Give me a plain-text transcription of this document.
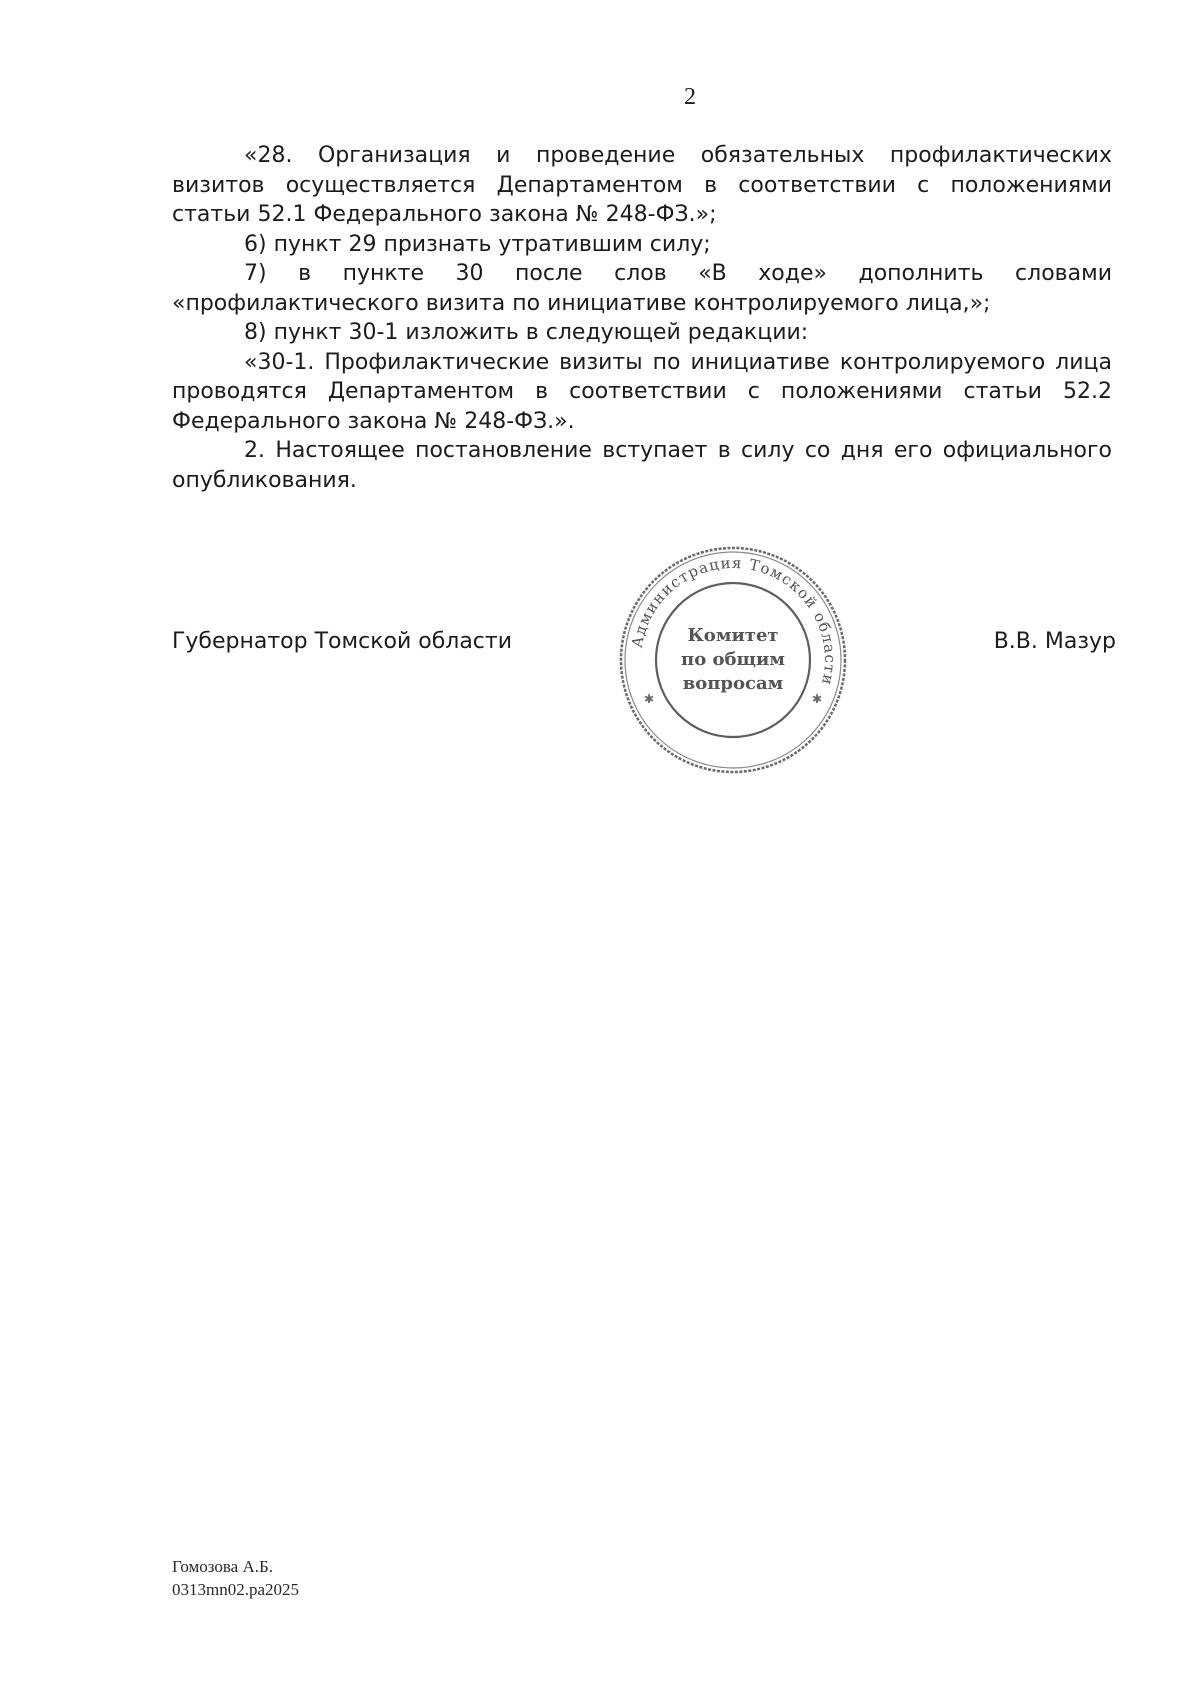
2

«28. Организация и проведение обязательных профилактических визитов осуществляется Департаментом в соответствии с положениями статьи 52.1 Федерального закона № 248-ФЗ.»;

6) пункт 29 признать утратившим силу;

7) в пункте 30 после слов «В ходе» дополнить словами «профилактического визита по инициативе контролируемого лица,»;

8) пункт 30-1 изложить в следующей редакции:

«30-1. Профилактические визиты по инициативе контролируемого лица проводятся Департаментом в соответствии с положениями статьи 52.2 Федерального закона № 248-ФЗ.».

2. Настоящее постановление вступает в силу со дня его официального опубликования.

Губернатор Томской области	В.В. Мазур
Администрация Томской области
✱	✱
Комитет
по общим
вопросам
Гомозова А.Б.
0313mn02.pa2025
